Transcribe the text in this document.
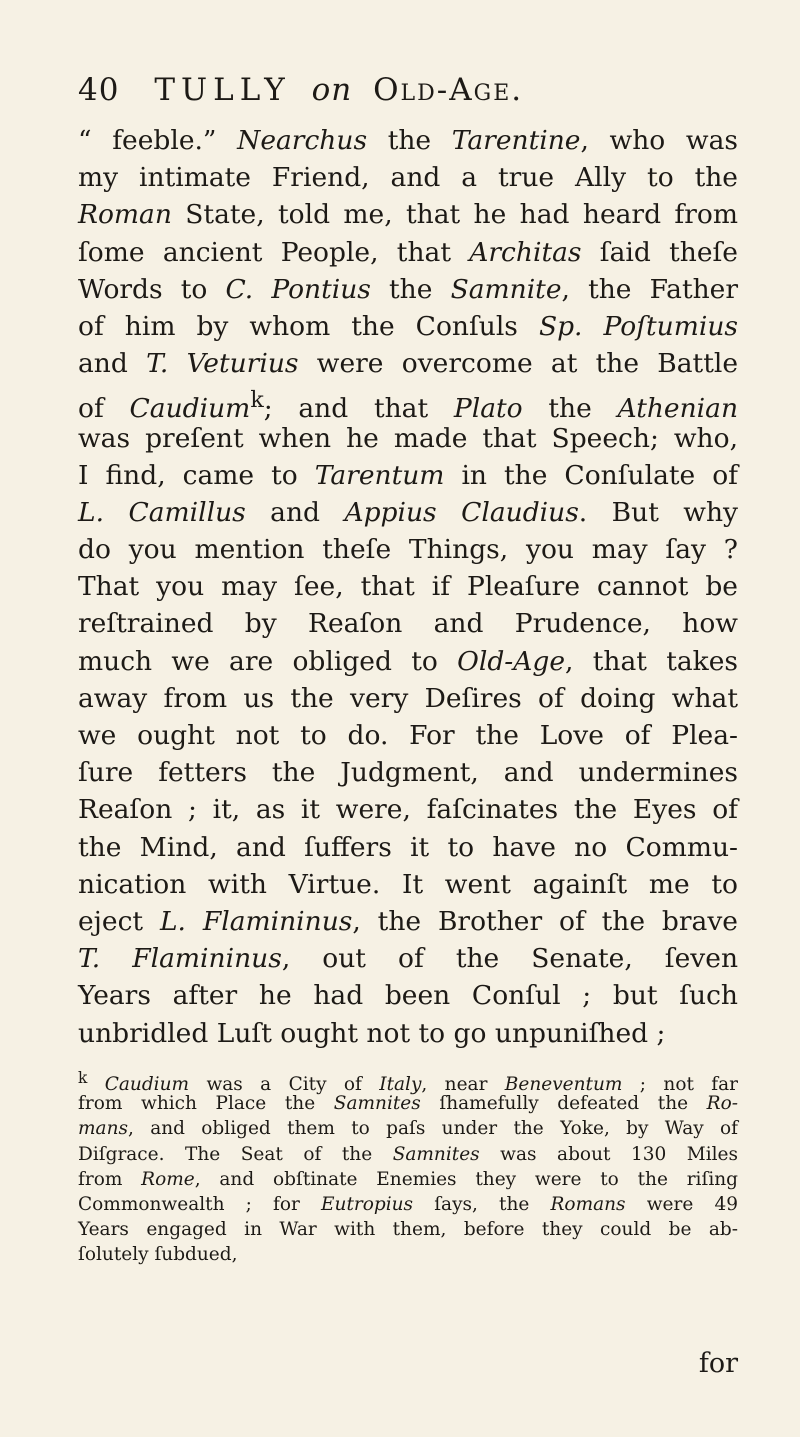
40 TULLY on Old-Age.
“ feeble.” Nearchus the Tarentine, who was
my intimate Friend, and a true Ally to the
Roman State, told me, that he had heard from
ſome ancient People, that Architas ſaid theſe
Words to C. Pontius the Samnite, the Father
of him by whom the Conſuls Sp. Poſtumius
and T. Veturius were overcome at the Battle
of Caudium$^k$; and that Plato the Athenian
was preſent when he made that Speech; who,
I find, came to Tarentum in the Conſulate of
L. Camillus and Appius Claudius. But why
do you mention theſe Things, you may ſay ?
That you may ſee, that if Pleaſure cannot be
reſtrained by Reaſon and Prudence, how
much we are obliged to Old-Age, that takes
away from us the very Deſires of doing what
we ought not to do. For the Love of Plea-
ſure fetters the Judgment, and undermines
Reaſon ; it, as it were, faſcinates the Eyes of
the Mind, and ſuffers it to have no Commu-
nication with Virtue. It went againſt me to
eject L. Flamininus, the Brother of the brave
T. Flamininus, out of the Senate, ſeven
Years after he had been Conſul ; but ſuch
unbridled Luſt ought not to go unpuniſhed ;
$^k$ Caudium was a City of Italy, near Beneventum ; not far
from which Place the Samnites ſhamefully defeated the Ro-
mans, and obliged them to paſs under the Yoke, by Way of
Diſgrace. The Seat of the Samnites was about 130 Miles
from Rome, and obſtinate Enemies they were to the riſing
Commonwealth ; for Eutropius ſays, the Romans were 49
Years engaged in War with them, before they could be ab-
ſolutely ſubdued,
for
